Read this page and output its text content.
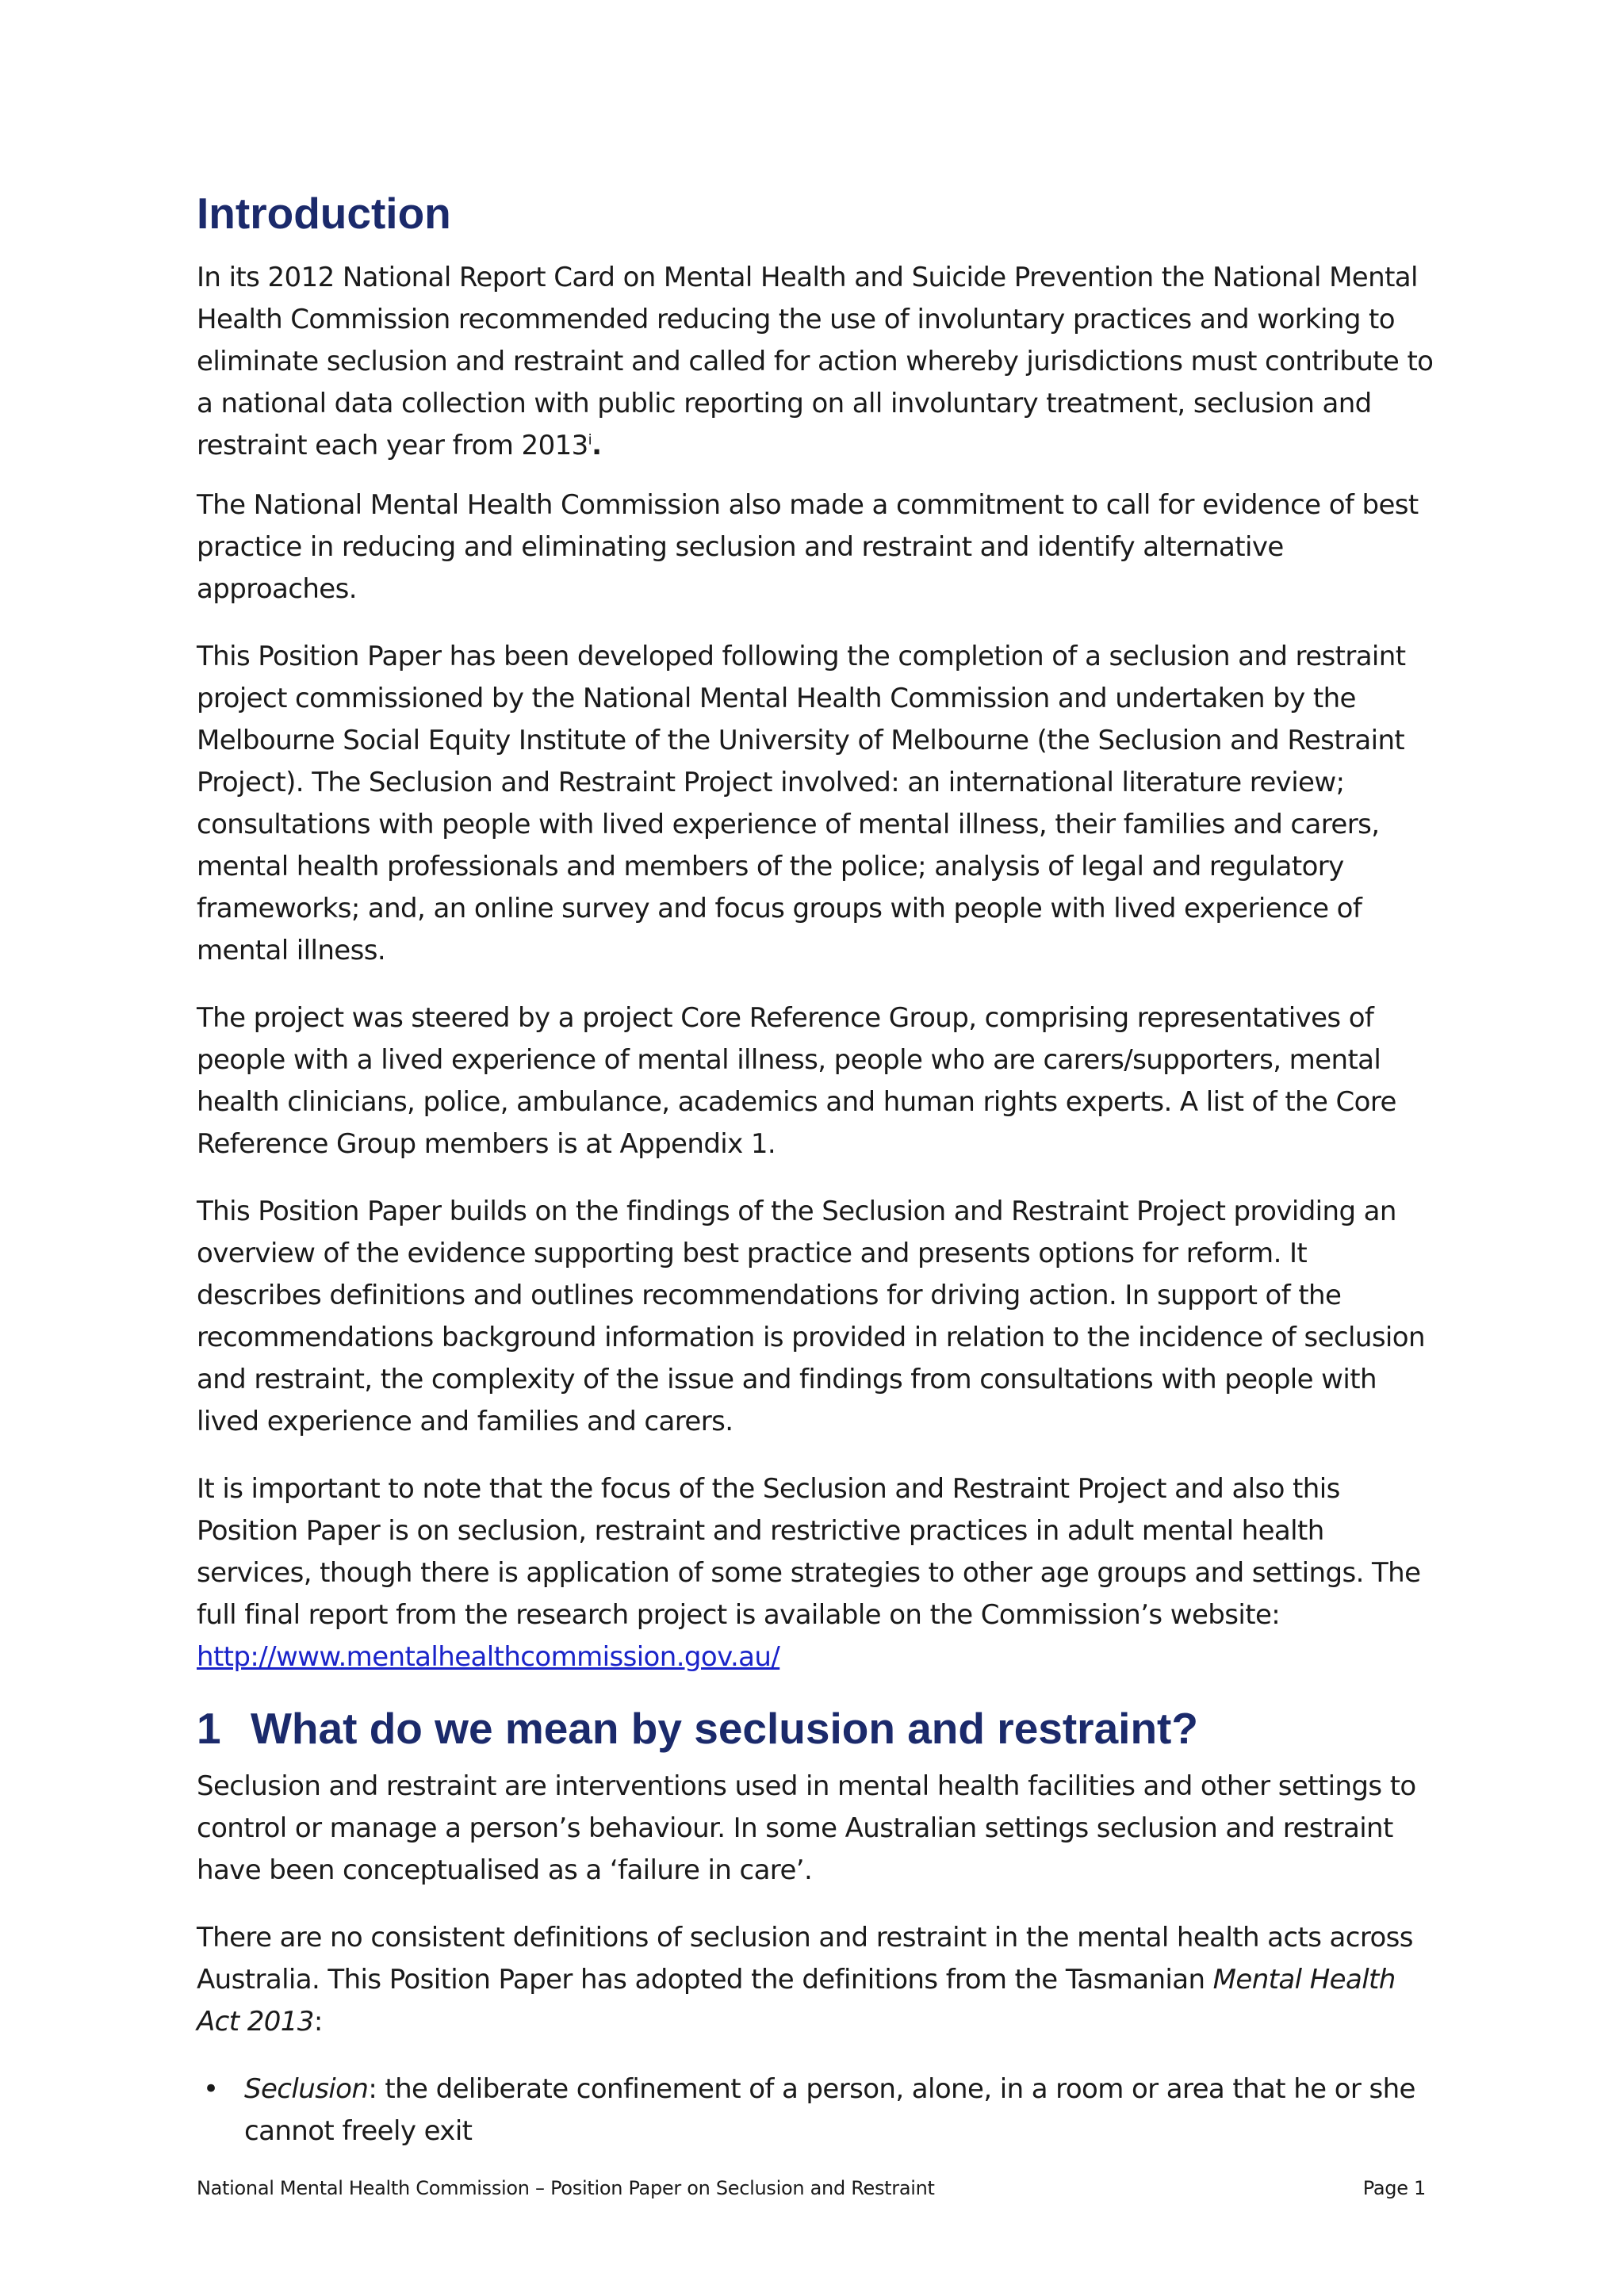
Introduction

In its 2012 National Report Card on Mental Health and Suicide Prevention the National Mental Health Commission recommended reducing the use of involuntary practices and working to eliminate seclusion and restraint and called for action whereby jurisdictions must contribute to a national data collection with public reporting on all involuntary treatment, seclusion and restraint each year from 2013$^i$.

The National Mental Health Commission also made a commitment to call for evidence of best practice in reducing and eliminating seclusion and restraint and identify alternative approaches.

This Position Paper has been developed following the completion of a seclusion and restraint project commissioned by the National Mental Health Commission and undertaken by the Melbourne Social Equity Institute of the University of Melbourne (the Seclusion and Restraint Project). The Seclusion and Restraint Project involved: an international literature review; consultations with people with lived experience of mental illness, their families and carers, mental health professionals and members of the police; analysis of legal and regulatory frameworks; and, an online survey and focus groups with people with lived experience of mental illness.

The project was steered by a project Core Reference Group, comprising representatives of people with a lived experience of mental illness, people who are carers/supporters, mental health clinicians, police, ambulance, academics and human rights experts. A list of the Core Reference Group members is at Appendix 1.

This Position Paper builds on the findings of the Seclusion and Restraint Project providing an overview of the evidence supporting best practice and presents options for reform. It describes definitions and outlines recommendations for driving action. In support of the recommendations background information is provided in relation to the incidence of seclusion and restraint, the complexity of the issue and findings from consultations with people with lived experience and families and carers.

It is important to note that the focus of the Seclusion and Restraint Project and also this Position Paper is on seclusion, restraint and restrictive practices in adult mental health services, though there is application of some strategies to other age groups and settings. The full final report from the research project is available on the Commission’s website:

http://www.mentalhealthcommission.gov.au/

1 What do we mean by seclusion and restraint?

Seclusion and restraint are interventions used in mental health facilities and other settings to control or manage a person’s behaviour. In some Australian settings seclusion and restraint have been conceptualised as a ‘failure in care’.

There are no consistent definitions of seclusion and restraint in the mental health acts across Australia. This Position Paper has adopted the definitions from the Tasmanian Mental Health Act 2013:

• Seclusion: the deliberate confinement of a person, alone, in a room or area that he or she cannot freely exit
National Mental Health Commission – Position Paper on Seclusion and Restraint	Page 1
